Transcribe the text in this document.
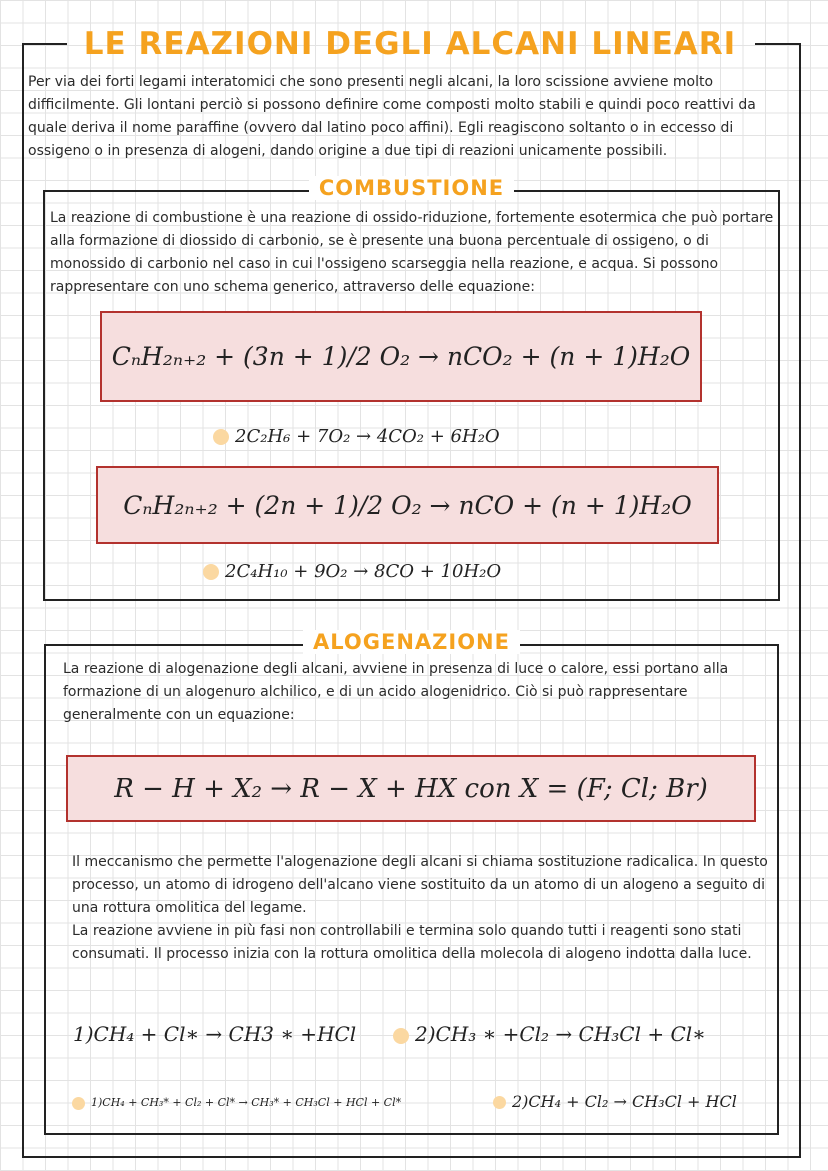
LE REAZIONI DEGLI ALCANI LINEARI
Per via dei forti legami interatomici che sono presenti negli alcani, la loro scissione avviene molto difficilmente. Gli lontani perciò si possono definire come composti molto stabili e quindi poco reattivi da quale deriva il nome paraffine (ovvero dal latino poco affini). Egli reagiscono soltanto o in eccesso di ossigeno o in presenza di alogeni, dando origine a due tipi di reazioni unicamente possibili.
COMBUSTIONE
La reazione di combustione è una reazione di ossido-riduzione, fortemente esotermica che può portare alla formazione di diossido di carbonio, se è presente una buona percentuale di ossigeno, o di monossido di carbonio nel caso in cui l'ossigeno scarseggia nella reazione, e acqua. Si possono rappresentare con uno schema generico, attraverso delle equazione:
CₙH₂ₙ₊₂ + (3n + 1)/2 O₂ → nCO₂ + (n + 1)H₂O
2C₂H₆ + 7O₂ → 4CO₂ + 6H₂O
CₙH₂ₙ₊₂ + (2n + 1)/2 O₂ → nCO + (n + 1)H₂O
2C₄H₁₀ + 9O₂ → 8CO + 10H₂O
ALOGENAZIONE
La reazione di alogenazione degli alcani, avviene in presenza di luce o calore, essi portano alla formazione di un alogenuro alchilico, e di un acido alogenidrico. Ciò si può rappresentare generalmente con un equazione:
R − H + X₂ → R − X + HX con X = (F; Cl; Br)
Il meccanismo che permette l'alogenazione degli alcani si chiama sostituzione radicalica. In questo processo, un atomo di idrogeno dell'alcano viene sostituito da un atomo di un alogeno a seguito di una rottura omolitica del legame.
La reazione avviene in più fasi non controllabili e termina solo quando tutti i reagenti sono stati consumati. Il processo inizia con la rottura omolitica della molecola di alogeno indotta dalla luce.
1)CH₄ + Cl∗ → CH3 ∗ +HCl	2)CH₃ ∗ +Cl₂ → CH₃Cl + Cl∗
1)CH₄ + CH₃* + Cl₂ + Cl* → CH₃* + CH₃Cl + HCl + Cl*	2)CH₄ + Cl₂ → CH₃Cl + HCl
